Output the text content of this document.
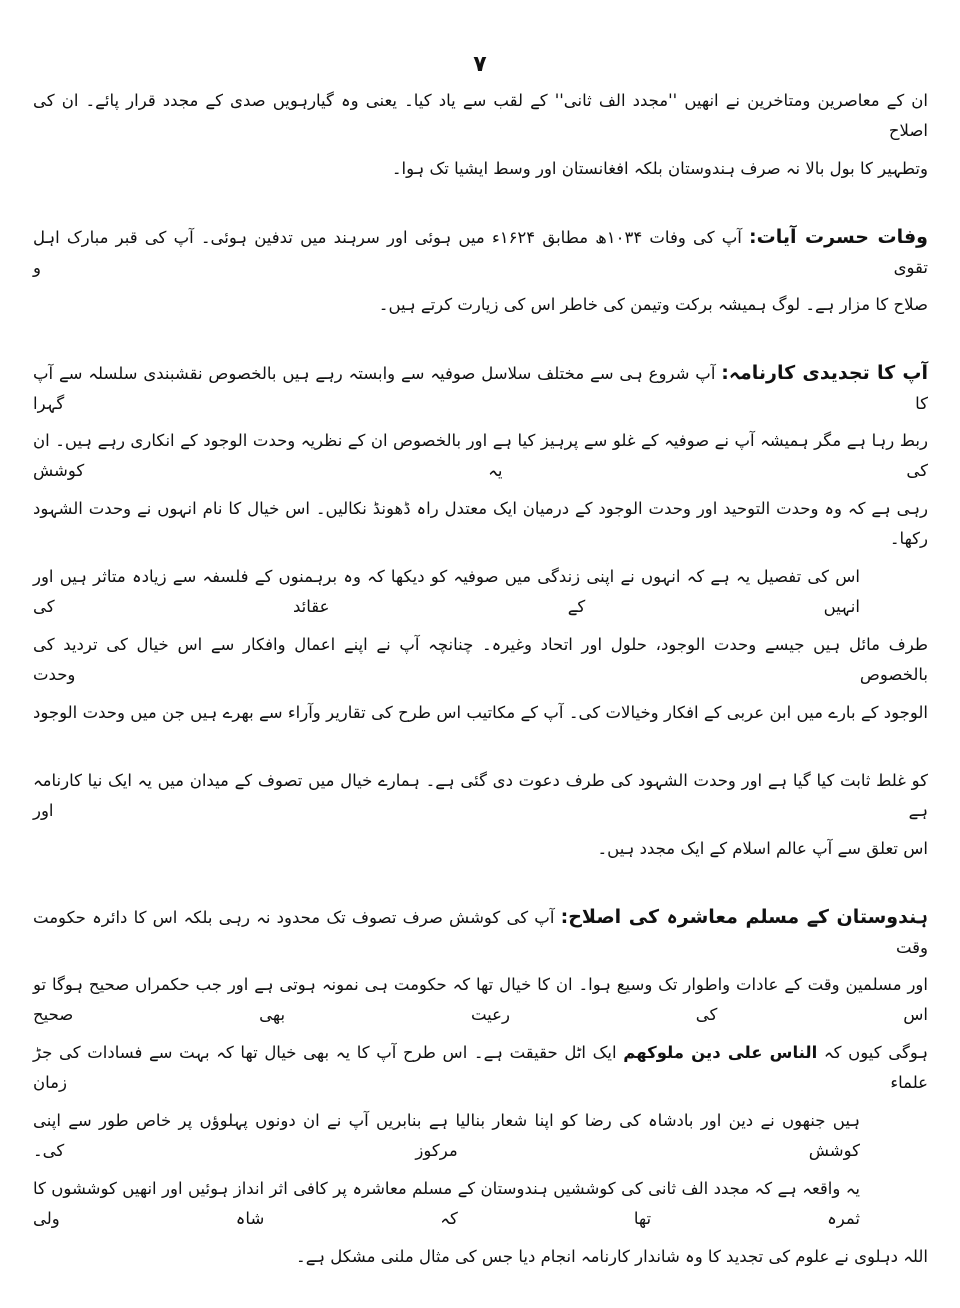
۷
ان کے معاصرین ومتاخرین نے انھیں ''مجدد الف ثانی'' کے لقب سے یاد کیا۔ یعنی وہ گیارہویں صدی کے مجدد قرار پائے۔ ان کی اصلاح
وتطہیر کا بول بالا نہ صرف ہندوستان بلکہ افغانستان اور وسط ایشیا تک ہوا۔
وفات حسرت آیات: آپ کی وفات ۱۰۳۴ھ مطابق ۱۶۲۴ء میں ہوئی اور سرہند میں تدفین ہوئی۔ آپ کی قبر مبارک اہل تقوی و
صلاح کا مزار ہے۔ لوگ ہمیشہ برکت وتیمن کی خاطر اس کی زیارت کرتے ہیں۔
آپ کا تجدیدی کارنامہ: آپ شروع ہی سے مختلف سلاسل صوفیہ سے وابستہ رہے ہیں بالخصوص نقشبندی سلسلہ سے آپ کا گہرا
ربط رہا ہے مگر ہمیشہ آپ نے صوفیہ کے غلو سے پرہیز کیا ہے اور بالخصوص ان کے نظریہ وحدت الوجود کے انکاری رہے ہیں۔ ان کی یہ کوشش
رہی ہے کہ وہ وحدت التوحید اور وحدت الوجود کے درمیان ایک معتدل راہ ڈھونڈ نکالیں۔ اس خیال کا نام انہوں نے وحدت الشہود رکھا۔
اس کی تفصیل یہ ہے کہ انہوں نے اپنی زندگی میں صوفیہ کو دیکھا کہ وہ برہمنوں کے فلسفہ سے زیادہ متاثر ہیں اور انہیں کے عقائد کی
طرف مائل ہیں جیسے وحدت الوجود، حلول اور اتحاد وغیرہ۔ چنانچہ آپ نے اپنے اعمال وافکار سے اس خیال کی تردید کی بالخصوص وحدت
الوجود کے بارے میں ابن عربی کے افکار وخیالات کی۔ آپ کے مکاتیب اس طرح کی تقاریر وآراء سے بھرے ہیں جن میں وحدت الوجود
کو غلط ثابت کیا گیا ہے اور وحدت الشہود کی طرف دعوت دی گئی ہے۔ ہمارے خیال میں تصوف کے میدان میں یہ ایک نیا کارنامہ ہے اور
اس تعلق سے آپ عالم اسلام کے ایک مجدد ہیں۔
ہندوستان کے مسلم معاشرہ کی اصلاح: آپ کی کوشش صرف تصوف تک محدود نہ رہی بلکہ اس کا دائرہ حکومت وقت
اور مسلمین وقت کے عادات واطوار تک وسیع ہوا۔ ان کا خیال تھا کہ حکومت ہی نمونہ ہوتی ہے اور جب حکمراں صحیح ہوگا تو اس کی رعیت بھی صحیح
ہوگی کیوں کہ الناس علی دین ملوکهم ایک اٹل حقیقت ہے۔ اس طرح آپ کا یہ بھی خیال تھا کہ بہت سے فسادات کی جڑ علماء زمان
ہیں جنھوں نے دین اور بادشاہ کی رضا کو اپنا شعار بنالیا ہے بنابریں آپ نے ان دونوں پہلوؤں پر خاص طور سے اپنی کوشش مرکوز کی۔
یہ واقعہ ہے کہ مجدد الف ثانی کی کوششیں ہندوستان کے مسلم معاشرہ پر کافی اثر انداز ہوئیں اور انھیں کوششوں کا ثمرہ تھا کہ شاہ ولی
اللہ دہلوی نے علوم کی تجدید کا وہ شاندار کارنامہ انجام دیا جس کی مثال ملنی مشکل ہے۔
